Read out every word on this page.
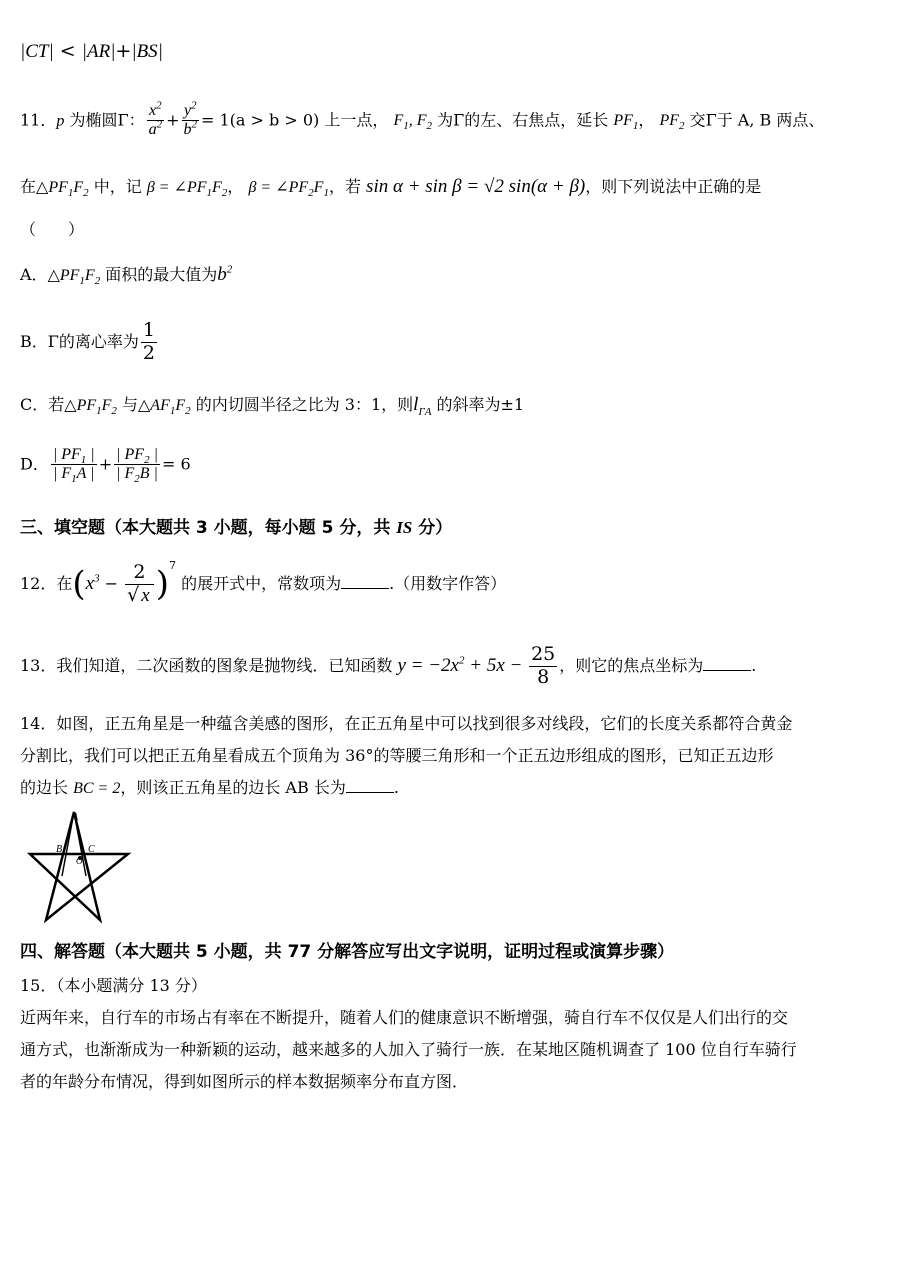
|CT| < |AR|+|BS|
11．p 为椭圆Γ： $\frac{x^2}{a^2} + \frac{y^2}{b^2} = 1(a > b > 0)$ 上一点， $F_1$, $F_2$ 为Γ的左、右焦点，延长 $PF_1$， $PF_2$ 交Γ于 A, B 两点、
在$\triangle PF_1F_2$ 中，记 $\beta = \angle PF_1F_2$， $\beta = \angle PF_2F_1$，若 sin α + sin β = √2 sin(α + β)，则下列说法中正确的是
（　　）
A．$\triangle PF_1F_2$ 面积的最大值为$b^2$
B．Γ的离心率为 $\frac{1}{2}$
C．若$\triangle PF_1F_2$ 与$\triangle AF_1F_2$ 的内切圆半径之比为 3：1，则$l_{\Gamma A}$ 的斜率为±1
D． $\frac{| PF_1 |}{| F_1A |} + \frac{| PF_2 |}{| F_2B |} = 6$
三、填空题（本大题共 3 小题，每小题 5 分，共 IS 分）
12．在$(x^3 - \frac{2}{√ x} )^7$ 的展开式中，常数项为	.（用数字作答）
13．我们知道，二次函数的图象是抛物线．已知函数 $y = -2x^2 + 5x - \frac{25}{8}$ ，则它的焦点坐标为	.
14．如图，正五角星是一种蕴含美感的图形，在正五角星中可以找到很多对线段，它们的长度关系都符合黄金
分割比，我们可以把正五角星看成五个顶角为 36°的等腰三角形和一个正五边形组成的图形，已知正五边形
的边长 BC = 2，则该正五角星的边长 AB 长为	.
A
B	C
O
四、解答题（本大题共 5 小题，共 77 分解答应写出文字说明，证明过程或演算步骤）
15．（本小题满分 13 分）
近两年来，自行车的市场占有率在不断提升，随着人们的健康意识不断增强，骑自行车不仅仅是人们出行的交
通方式，也渐渐成为一种新颖的运动，越来越多的人加入了骑行一族．在某地区随机调查了 100 位自行车骑行
者的年龄分布情况，得到如图所示的样本数据频率分布直方图．
